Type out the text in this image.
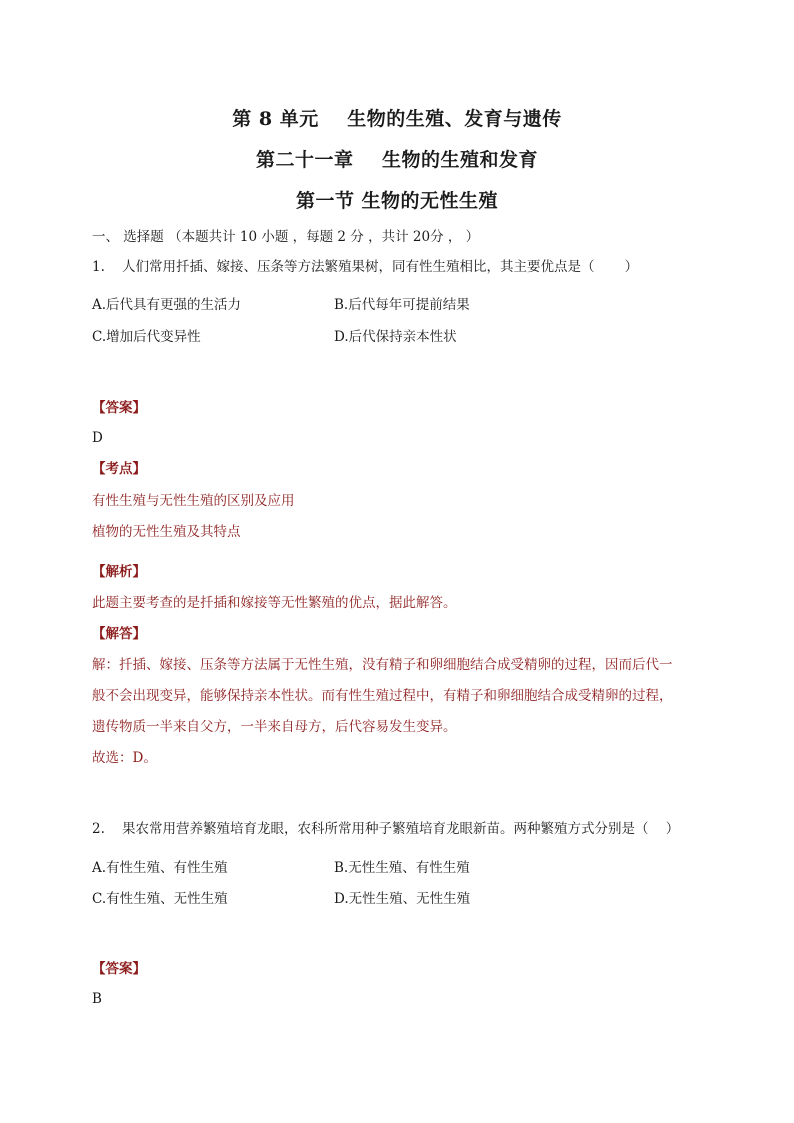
第 8 单元    生物的生殖、发育与遗传
第二十一章    生物的生殖和发育
第一节 生物的无性生殖
一、 选择题 （本题共计 10 小题 ，每题 2 分 ，共计 20分 ， ）
1.    人们常用扦插、嫁接、压条等方法繁殖果树，同有性生殖相比，其主要优点是（       ）
A.后代具有更强的生活力	B.后代每年可提前结果
C.增加后代变异性	D.后代保持亲本性状
【答案】
D
【考点】
有性生殖与无性生殖的区别及应用
植物的无性生殖及其特点
【解析】
此题主要考查的是扦插和嫁接等无性繁殖的优点，据此解答。
【解答】
解：扦插、嫁接、压条等方法属于无性生殖，没有精子和卵细胞结合成受精卵的过程，因而后代一
般不会出现变异，能够保持亲本性状。而有性生殖过程中，有精子和卵细胞结合成受精卵的过程，
遗传物质一半来自父方，一半来自母方，后代容易发生变异。
故选：D。
2.    果农常用营养繁殖培育龙眼，农科所常用种子繁殖培育龙眼新苗。两种繁殖方式分别是（    ）
A.有性生殖、有性生殖	B.无性生殖、有性生殖
C.有性生殖、无性生殖	D.无性生殖、无性生殖
【答案】
B
